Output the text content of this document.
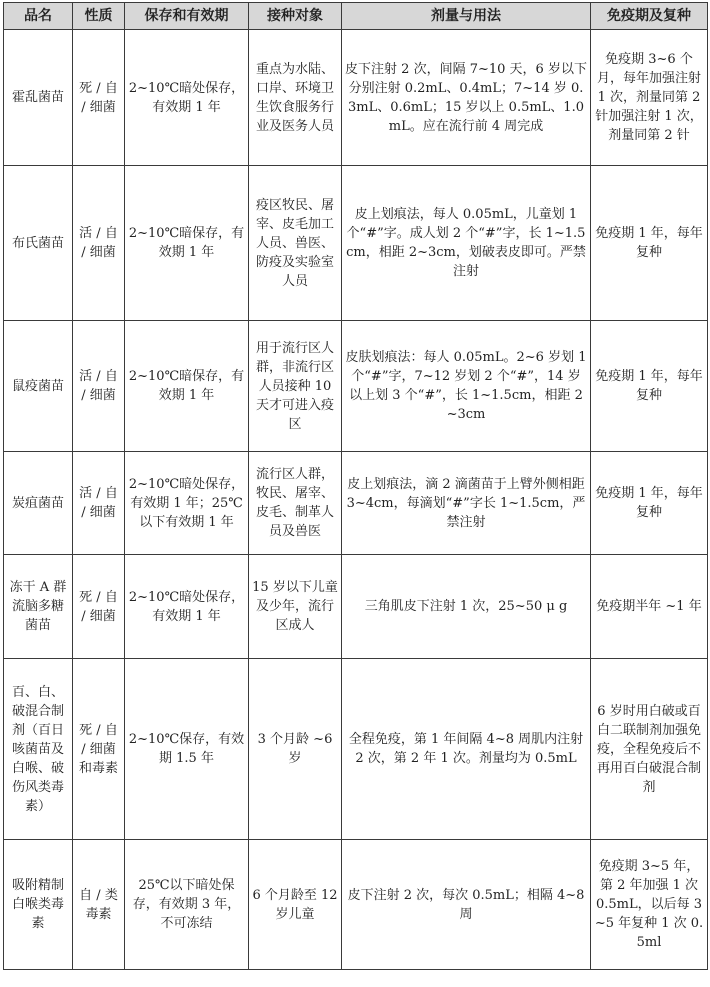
品名	性质	保存和有效期	接种对象	剂量与用法	免疫期及复种
霍乱菌苗	死 / 自 / 细菌	2~10℃暗处保存，有效期 1 年	重点为水陆、口岸、环境卫生饮食服务行业及医务人员	皮下注射 2 次，间隔 7~10 天，6 岁以下分别注射 0.2mL、0.4mL；7~14 岁 0.3mL、0.6mL；15 岁以上 0.5mL、1.0mL。应在流行前 4 周完成	免疫期 3~6 个月，每年加强注射 1 次，剂量同第 2 针加强注射 1 次，剂量同第 2 针
布氏菌苗	活 / 自 / 细菌	2~10℃暗保存，有效期 1 年	疫区牧民、屠宰、皮毛加工人员、兽医、防疫及实验室人员	皮上划痕法，每人 0.05mL，儿童划 1 个“#”字。成人划 2 个“#”字，长 1~1.5cm，相距 2~3cm，划破表皮即可。严禁注射	免疫期 1 年，每年复种
鼠疫菌苗	活 / 自 / 细菌	2~10℃暗保存，有效期 1 年	用于流行区人群，非流行区人员接种 10 天才可进入疫区	皮肤划痕法：每人 0.05mL。2~6 岁划 1 个“#”字，7~12 岁划 2 个“#”，14 岁以上划 3 个“#”，长 1~1.5cm，相距 2~3cm	免疫期 1 年，每年复种
炭疽菌苗	活 / 自 / 细菌	2~10℃暗处保存，有效期 1 年；25℃以下有效期 1 年	流行区人群，牧民、屠宰、皮毛、制革人员及兽医	皮上划痕法，滴 2 滴菌苗于上臂外侧相距 3~4cm，每滴划“#”字长 1~1.5cm，严禁注射	免疫期 1 年，每年复种
冻干 A 群流脑多糖菌苗	死 / 自 / 细菌	2~10℃暗处保存，有效期 1 年	15 岁以下儿童及少年，流行区成人	三角肌皮下注射 1 次，25~50 μ g	免疫期半年 ~1 年
百、白、破混合制剂（百日咳菌苗及白喉、破伤风类毒素）	死 / 自 / 细菌和毒素	2~10℃保存，有效期 1.5 年	3 个月龄 ~6 岁	全程免疫，第 1 年间隔 4~8 周肌内注射 2 次，第 2 年 1 次。剂量均为 0.5mL	6 岁时用白破或百白二联制剂加强免疫，全程免疫后不再用百白破混合制剂
吸附精制白喉类毒素	自 / 类毒素	25℃以下暗处保存，有效期 3 年，不可冻结	6 个月龄至 12 岁儿童	皮下注射 2 次，每次 0.5mL；相隔 4~8 周	免疫期 3~5 年，第 2 年加强 1 次 0.5mL，以后每 3~5 年复种 1 次 0.5ml
